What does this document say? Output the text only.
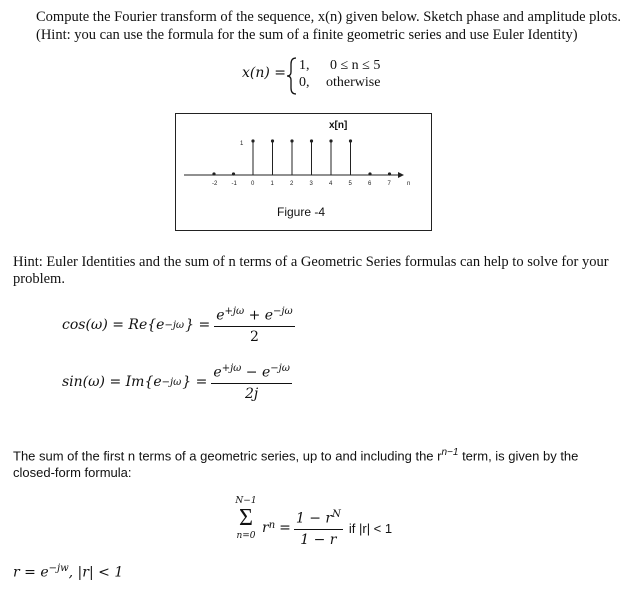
Compute the Fourier transform of the sequence, x(n) given below. Sketch phase and amplitude plots.
(Hint: you can use the formula for the sum of a finite geometric series and use Euler Identity)
x(n) = 1, 0 ≤ n ≤ 5
0, otherwise
x[n]
-2 -1 0	1	2	3	4	5	6	7	n
1
Figure -4
Hint: Euler Identities and the sum of n terms of a Geometric Series formulas can help to solve for your
problem.
cos(ω) = Re{e −jω } = $\frac{e^{+j\omega} + e^{-j\omega}}{2}$
sin(ω) = Im{e −jω } = $\frac{e^{+j\omega} - e^{-j\omega}}{2j}$
The sum of the first n terms of a geometric series, up to and including the $r^{n-1}$ term, is given by the
closed-form formula:
N−1
Σ
n=0 $r^n = \frac{1 - r^N}{1 - r}$ if |r| < 1
$r = e^{-jw}$, |r| < 1
